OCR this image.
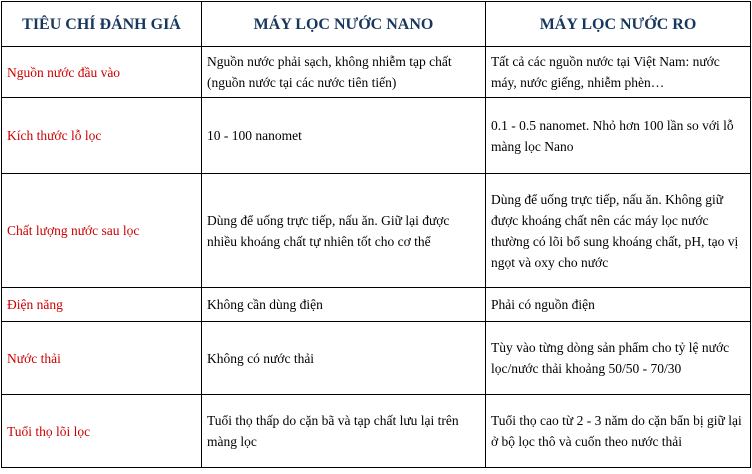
TIÊU CHÍ ĐÁNH GIÁ	MÁY LỌC NƯỚC NANO	MÁY LỌC NƯỚC RO
Nguồn nước đầu vào	Nguồn nước phải sạch, không nhiễm tạp chất (nguồn nước tại các nước tiên tiến)	Tất cả các nguồn nước tại Việt Nam: nước máy, nước giếng, nhiễm phèn…
Kích thước lỗ lọc	10 - 100 nanomet	0.1 - 0.5 nanomet. Nhỏ hơn 100 lần so với lỗ màng lọc Nano
Chất lượng nước sau lọc	Dùng để uống trực tiếp, nấu ăn. Giữ lại được nhiều khoáng chất tự nhiên tốt cho cơ thể	Dùng để uống trực tiếp, nấu ăn. Không giữ được khoáng chất nên các máy lọc nước thường có lõi bổ sung khoáng chất, pH, tạo vị ngọt và oxy cho nước
Điện năng	Không cần dùng điện	Phải có nguồn điện
Nước thải	Không có nước thải	Tùy vào từng dòng sản phẩm cho tỷ lệ nước lọc/nước thải khoảng 50/50 - 70/30
Tuổi thọ lõi lọc	Tuổi thọ thấp do cặn bã và tạp chất lưu lại trên màng lọc	Tuổi thọ cao từ 2 - 3 năm do cặn bẩn bị giữ lại ở bộ lọc thô và cuốn theo nước thải
